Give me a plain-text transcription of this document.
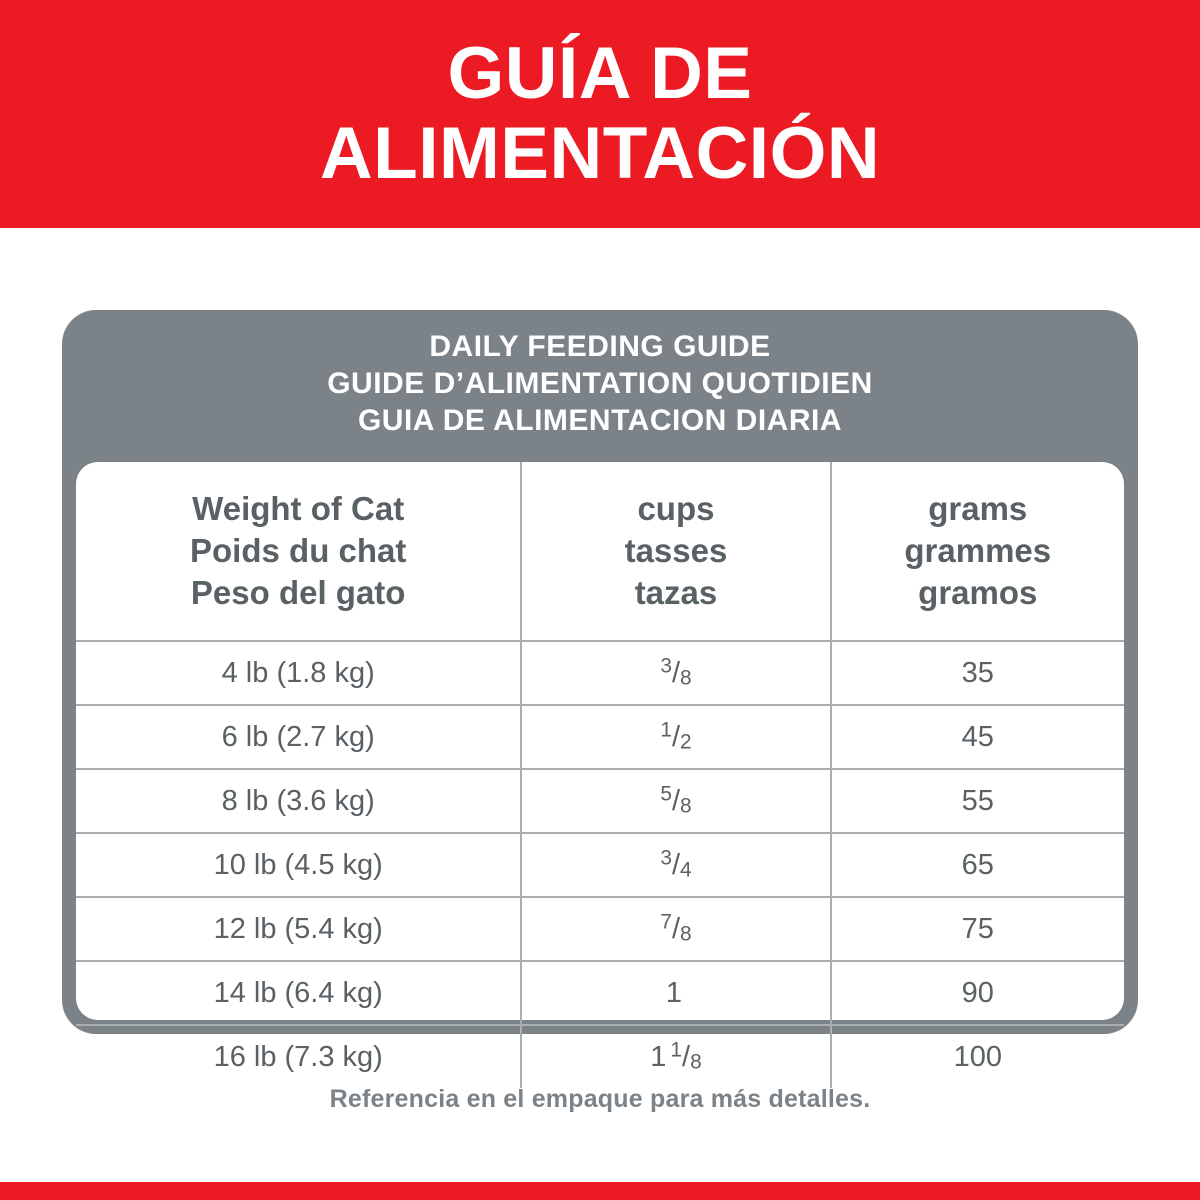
GUÍA DE
ALIMENTACIÓN
DAILY FEEDING GUIDE
GUIDE D’ALIMENTATION QUOTIDIEN
GUIA DE ALIMENTACION DIARIA
Weight of Cat
Poids du chat
Peso del gato

cups
tasses
tazas

grams
grammes
gramos

4 lb (1.8 kg)	$^3/_8$	35
6 lb (2.7 kg)	$^1/_2$	45
8 lb (3.6 kg)	$^5/_8$	55
10 lb (4.5 kg)	$^3/_4$	65
12 lb (5.4 kg)	$^7/_8$	75
14 lb (6.4 kg)	1	90
16 lb (7.3 kg)	1 $^1/_8$	100
Referencia en el empaque para más detalles.
